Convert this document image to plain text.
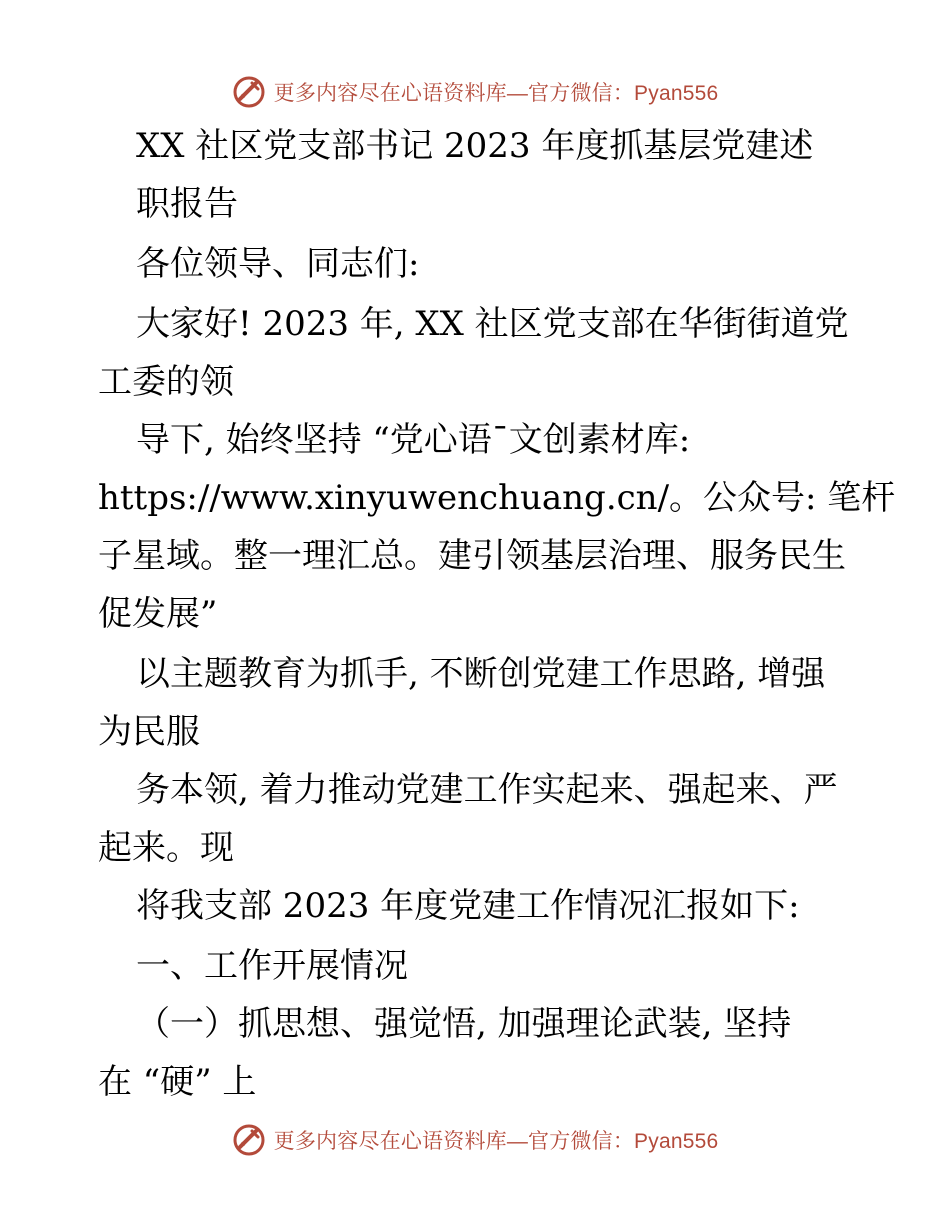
更多内容尽在心语资料库—官方微信：Pyan556
XX 社区党支部书记 2023 年度抓基层党建述
职报告
各位领导、同志们:
大家好! 2023 年, XX 社区党支部在华街街道党
工委的领
导下, 始终坚持 “党心语¯文创素材库:
https://www.xinyuwenchuang.cn/。公众号: 笔杆
子星域。整一理汇总。建引领基层治理、服务民生
促发展”
以主题教育为抓手, 不断创党建工作思路, 增强
为民服
务本领, 着力推动党建工作实起来、强起来、严
起来。现
将我支部 2023 年度党建工作情况汇报如下:
一、工作开展情况
（一）抓思想、强觉悟, 加强理论武装, 坚持
在 “硬” 上
更多内容尽在心语资料库—官方微信：Pyan556
